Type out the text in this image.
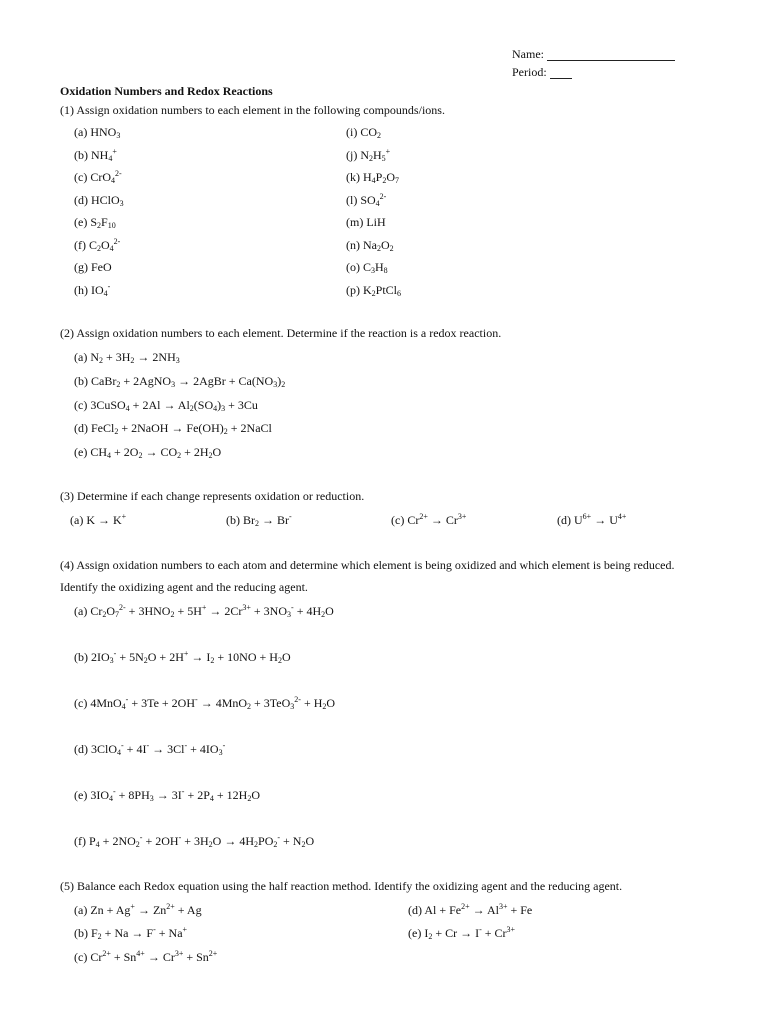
Name:
Period:
Oxidation Numbers and Redox Reactions
(1) Assign oxidation numbers to each element in the following compounds/ions.
(a) $HNO_3$
(b) $NH_4^+$
(c) CrO$_4^{2-}$
(d) HClO$_3$
(e) $S_2F_{10}$
(f) $C_2O_4^{2-}$
(g) FeO
(h) $IO_4^-$
(i) $CO_2$
(j) $N_2H_5^+$
(k) $H_4P_2O_7$
(l) $SO_4^{2-}$
(m) LiH
(n) $Na_2O_2$
(o) $C_3H_8$
(p) $K_2PtCl_6$
(2) Assign oxidation numbers to each element. Determine if the reaction is a redox reaction.
(a) $N_2 + 3H_2 \to 2NH_3$
(b) CaBr$_2$ + 2AgNO$_3$ → 2AgBr + $Ca(NO_3)_2$
(c) 3CuSO$_4$ + $2Al \to Al_2(SO_4)_3 + 3Cu$
(d) FeCl$_2$ + 2NaOH → $Fe(OH)_2$ + 2NaCl
(e) $CH_4 + 2O_2 \to CO_2 + 2H_2O$
(3) Determine if each change represents oxidation or reduction.
(a) K → K+	(b) $Br_2 \to Br^-$	(c) $Cr^{2+} \to Cr^{3+}$	(d) $U^{6+} \to U^{4+}$
(4) Assign oxidation numbers to each atom and determine which element is being oxidized and which element is being reduced.
Identify the oxidizing agent and the reducing agent.
(a) $Cr_2O_7^{2-} + 3HNO_2 + 5H^+ \to 2Cr^{3+} + 3NO_3^- + 4H_2O$
(b) $2IO_3^- + 5N_2O + 2H^+ \to I_2 + 10NO + H_2O$
(c) $4MnO_4^- + 3Te + 2OH^- \to 4MnO_2 + 3TeO_3^{2-} + H_2O$
(d) $3ClO_4^- + 4I^- \to 3Cl^- + 4IO_3^-$
(e) $3IO_4^- + 8PH_3 \to 3I^- + 2P_4 + 12H_2O$
(f) $P_4 + 2NO_2^- + 2OH^- + 3H_2O \to 4H_2PO_2^- + N_2O$
(5) Balance each Redox equation using the half reaction method. Identify the oxidizing agent and the reducing agent.
(a) $Zn + Ag^+ \to Zn^{2+} + Ag$
(b) $F_2 + Na \to F^- + Na^+$
(c) $Cr^{2+} + Sn^{4+} \to Cr^{3+} + Sn^{2+}$
(d) $Al + Fe^{2+} \to Al^{3+} + Fe$
(e) $I_2 + Cr \to I^- + Cr^{3+}$
